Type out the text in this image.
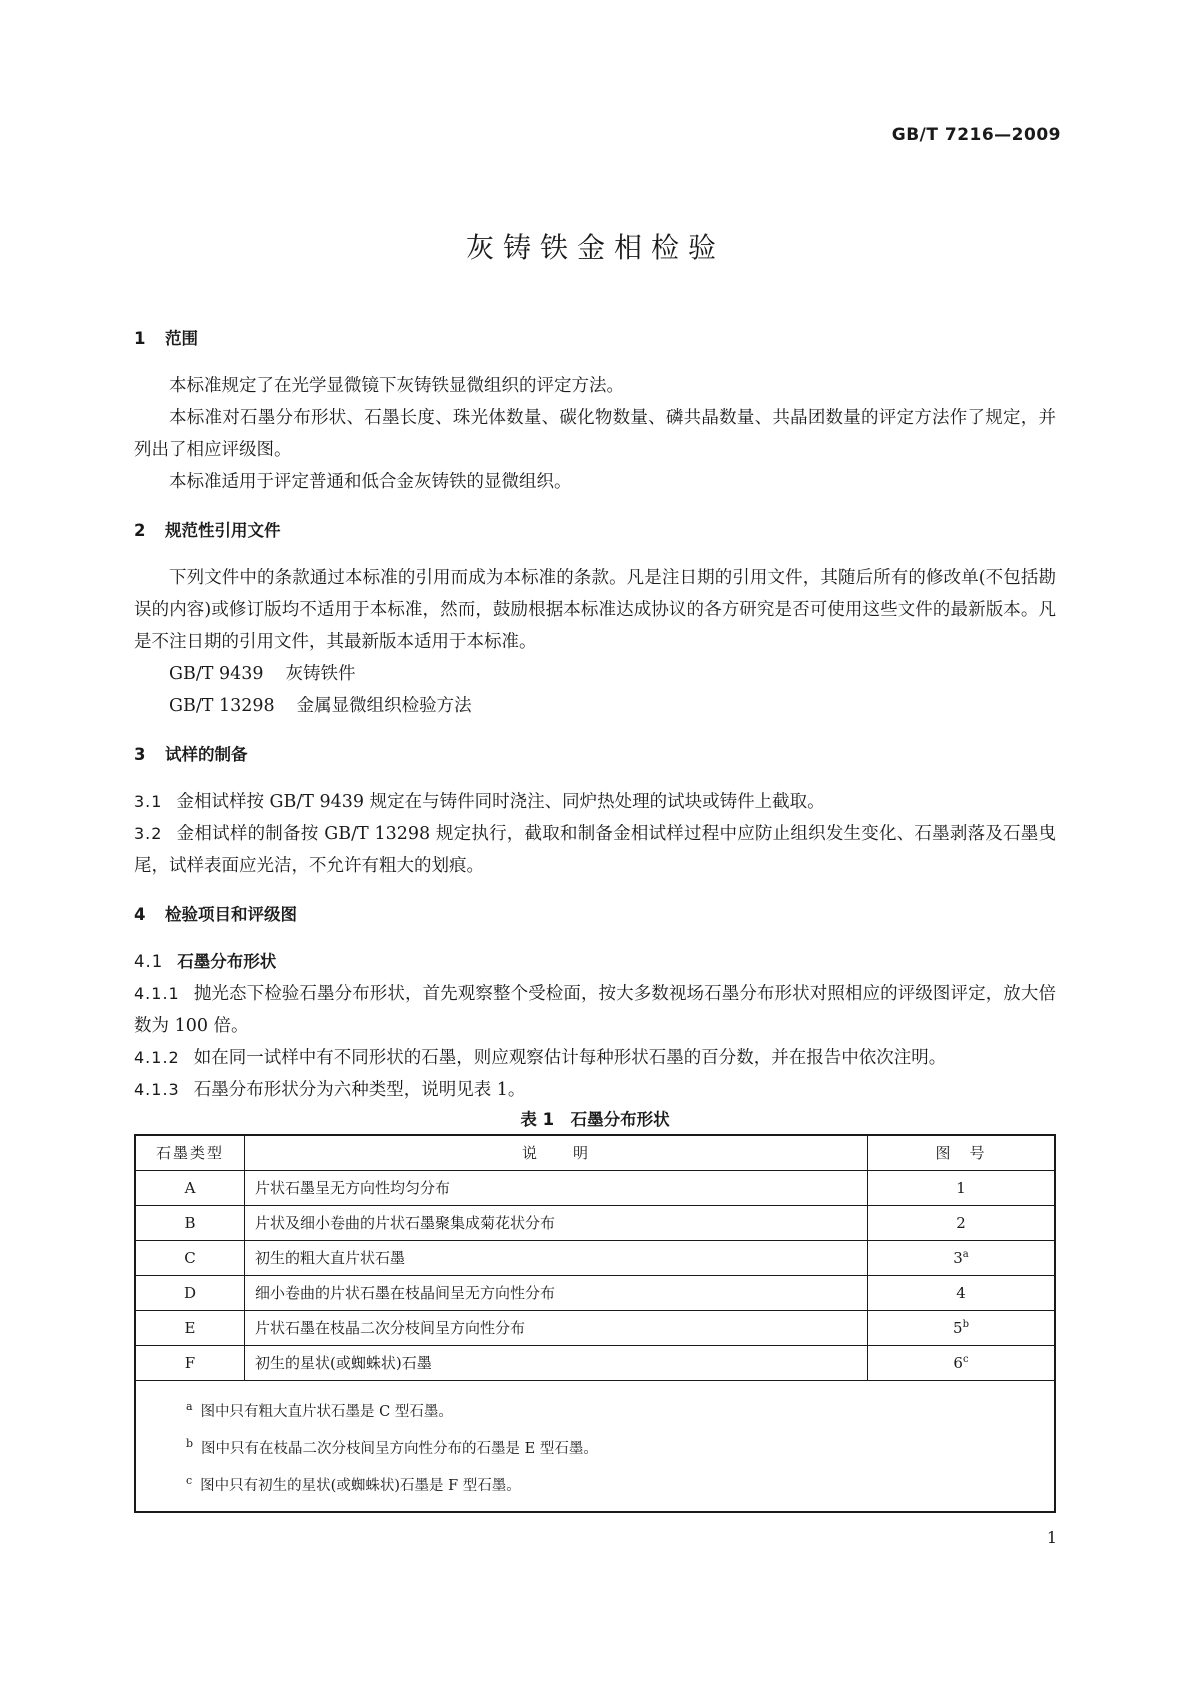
GB/T 7216—2009
灰铸铁金相检验
1 范围

本标准规定了在光学显微镜下灰铸铁显微组织的评定方法。

本标准对石墨分布形状、石墨长度、珠光体数量、碳化物数量、磷共晶数量、共晶团数量的评定方法作了规定，并列出了相应评级图。

本标准适用于评定普通和低合金灰铸铁的显微组织。

2 规范性引用文件

下列文件中的条款通过本标准的引用而成为本标准的条款。凡是注日期的引用文件，其随后所有的修改单(不包括勘误的内容)或修订版均不适用于本标准，然而，鼓励根据本标准达成协议的各方研究是否可使用这些文件的最新版本。凡是不注日期的引用文件，其最新版本适用于本标准。

GB/T 9439 灰铸铁件

GB/T 13298 金属显微组织检验方法

3 试样的制备

3.1 金相试样按 GB/T 9439 规定在与铸件同时浇注、同炉热处理的试块或铸件上截取。

3.2 金相试样的制备按 GB/T 13298 规定执行，截取和制备金相试样过程中应防止组织发生变化、石墨剥落及石墨曳尾，试样表面应光洁，不允许有粗大的划痕。

4 检验项目和评级图
4.1 石墨分布形状

4.1.1 抛光态下检验石墨分布形状，首先观察整个受检面，按大多数视场石墨分布形状对照相应的评级图评定，放大倍数为 100 倍。

4.1.2 如在同一试样中有不同形状的石墨，则应观察估计每种形状石墨的百分数，并在报告中依次注明。

4.1.3 石墨分布形状分为六种类型，说明见表 1。

表 1　石墨分布形状

石墨类型	说　　明	图　号
A	片状石墨呈无方向性均匀分布	1
B	片状及细小卷曲的片状石墨聚集成菊花状分布	2
C	初生的粗大直片状石墨	3$^a$
D	细小卷曲的片状石墨在枝晶间呈无方向性分布	4
E	片状石墨在枝晶二次分枝间呈方向性分布	5$^b$
F	初生的星状(或蜘蛛状)石墨	6$^c$

$^a$ 图中只有粗大直片状石墨是 C 型石墨。
$^b$ 图中只有在枝晶二次分枝间呈方向性分布的石墨是 E 型石墨。
$^c$ 图中只有初生的星状(或蜘蛛状)石墨是 F 型石墨。		
1
